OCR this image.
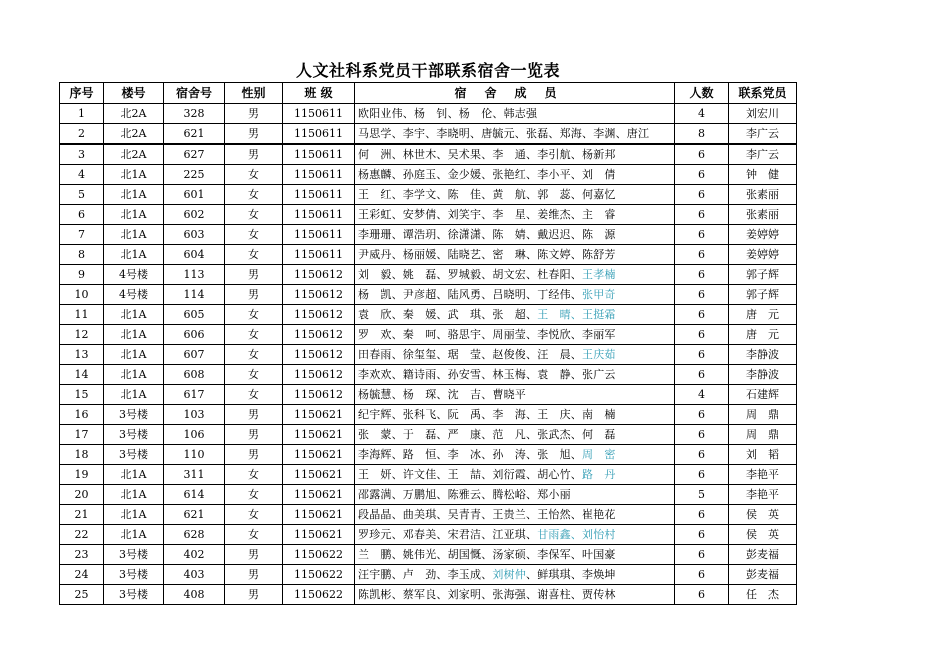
人文社科系党员干部联系宿舍一览表
序号	楼号	宿舍号	性别	班 级	宿舍成员	人数	联系党员
1	北2A	328	男	1150611	欧阳业伟、杨　钊、杨　伦、韩志强	4	刘宏川
2	北2A	621	男	1150611	马思学、李宇、李晓明、唐毓元、张磊、郑海、李渊、唐江	8	李广云
3	北2A	627	男	1150611	何　洲、林世木、吴术果、李　通、李引航、杨新邦	6	李广云
4	北1A	225	女	1150611	杨惠麟、孙庭玉、金少媛、张艳红、李小平、刘　倩	6	钟　健
5	北1A	601	女	1150611	王　红、李学文、陈　佳、黄　航、郭　蕊、何嘉忆	6	张素丽
6	北1A	602	女	1150611	王彩虹、安梦倩、刘笑宇、李　星、姜维杰、主　睿	6	张素丽
7	北1A	603	女	1150611	李珊珊、谭浩玥、徐潇潇、陈　婧、戴迟迟、陈　源	6	姜婷婷
8	北1A	604	女	1150611	尹威丹、杨丽媛、陆晓艺、密　琳、陈文婷、陈舒芳	6	姜婷婷
9	4号楼	113	男	1150612	刘　毅、姚　磊、罗城毅、胡文宏、杜春阳、王孝楠	6	郭子辉
10	4号楼	114	男	1150612	杨　凯、尹彦超、陆风勇、吕晓明、丁经伟、张甲奇	6	郭子辉
11	北1A	605	女	1150612	袁　欣、秦　媛、武　琪、张　超、王　晴、王挺霜	6	唐　元
12	北1A	606	女	1150612	罗　欢、秦　呵、骆思宇、周丽莹、李悦欣、李丽军	6	唐　元
13	北1A	607	女	1150612	田春雨、徐玺玺、琚　莹、赵俊俊、汪　晨、王庆茹	6	李静波
14	北1A	608	女	1150612	李欢欢、籍诗雨、孙安雪、林玉梅、袁　静、张广云	6	李静波
15	北1A	617	女	1150612	杨毓慧、杨　琛、沈　吉、曹晓平	4	石建辉
16	3号楼	103	男	1150621	纪宇辉、张科飞、阮　禹、李　海、王　庆、南　楠	6	周　鼎
17	3号楼	106	男	1150621	张　蒙、于　磊、严　康、范　凡、张武杰、何　磊	6	周　鼎
18	3号楼	110	男	1150621	李海辉、路　恒、李　冰、孙　涛、张　旭、周　密	6	刘　韬
19	北1A	311	女	1150621	王　妍、许文佳、王　喆、刘衍霞、胡心竹、路　丹	6	李艳平
20	北1A	614	女	1150621	邵露满、万鹏旭、陈雅云、腾松峪、郑小丽	5	李艳平
21	北1A	621	女	1150621	段晶晶、曲美琪、吴青青、王贵兰、王怡然、崔艳花	6	侯　英
22	北1A	628	女	1150621	罗珍元、邓春美、宋君洁、江亚琪、甘雨鑫、刘怡村	6	侯　英
23	3号楼	402	男	1150622	兰　鹏、姚伟光、胡国慨、汤家硕、李保军、叶国豪	6	彭麦福
24	3号楼	403	男	1150622	汪宇鹏、卢　劲、李玉成、刘树仲、鲜琪琪、李焕坤	6	彭麦福
25	3号楼	408	男	1150622	陈凯彬、蔡军良、刘家明、张海强、谢喜柱、贾传林	6	任　杰
